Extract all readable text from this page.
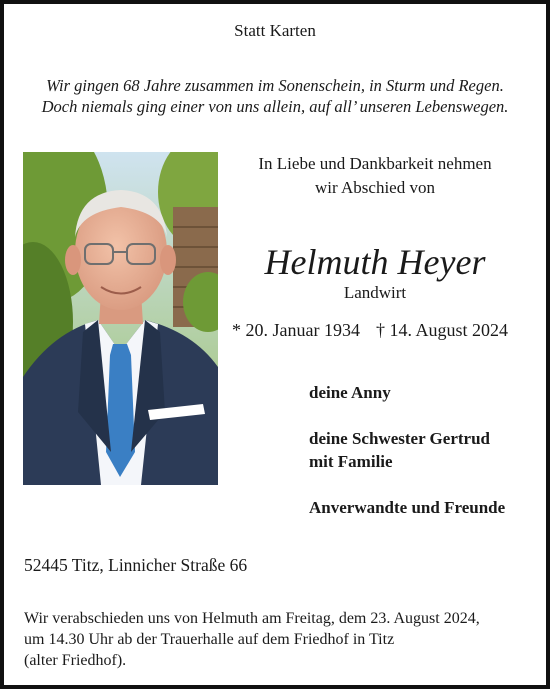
Statt Karten
Wir gingen 68 Jahre zusammen im Sonenschein, in Sturm und Regen.
Doch niemals ging einer von uns allein, auf all’ unseren Lebenswegen.
In Liebe und Dankbarkeit nehmen
wir Abschied von
Helmuth Heyer
Landwirt
* 20. Januar 1934 † 14. August 2024
deine Anny
deine Schwester Gertrud
mit Familie
Anverwandte und Freunde
52445 Titz, Linnicher Straße 66
Wir verabschieden uns von Helmuth am Freitag, dem 23. August 2024,
um 14.30 Uhr ab der Trauerhalle auf dem Friedhof in Titz
(alter Friedhof).
